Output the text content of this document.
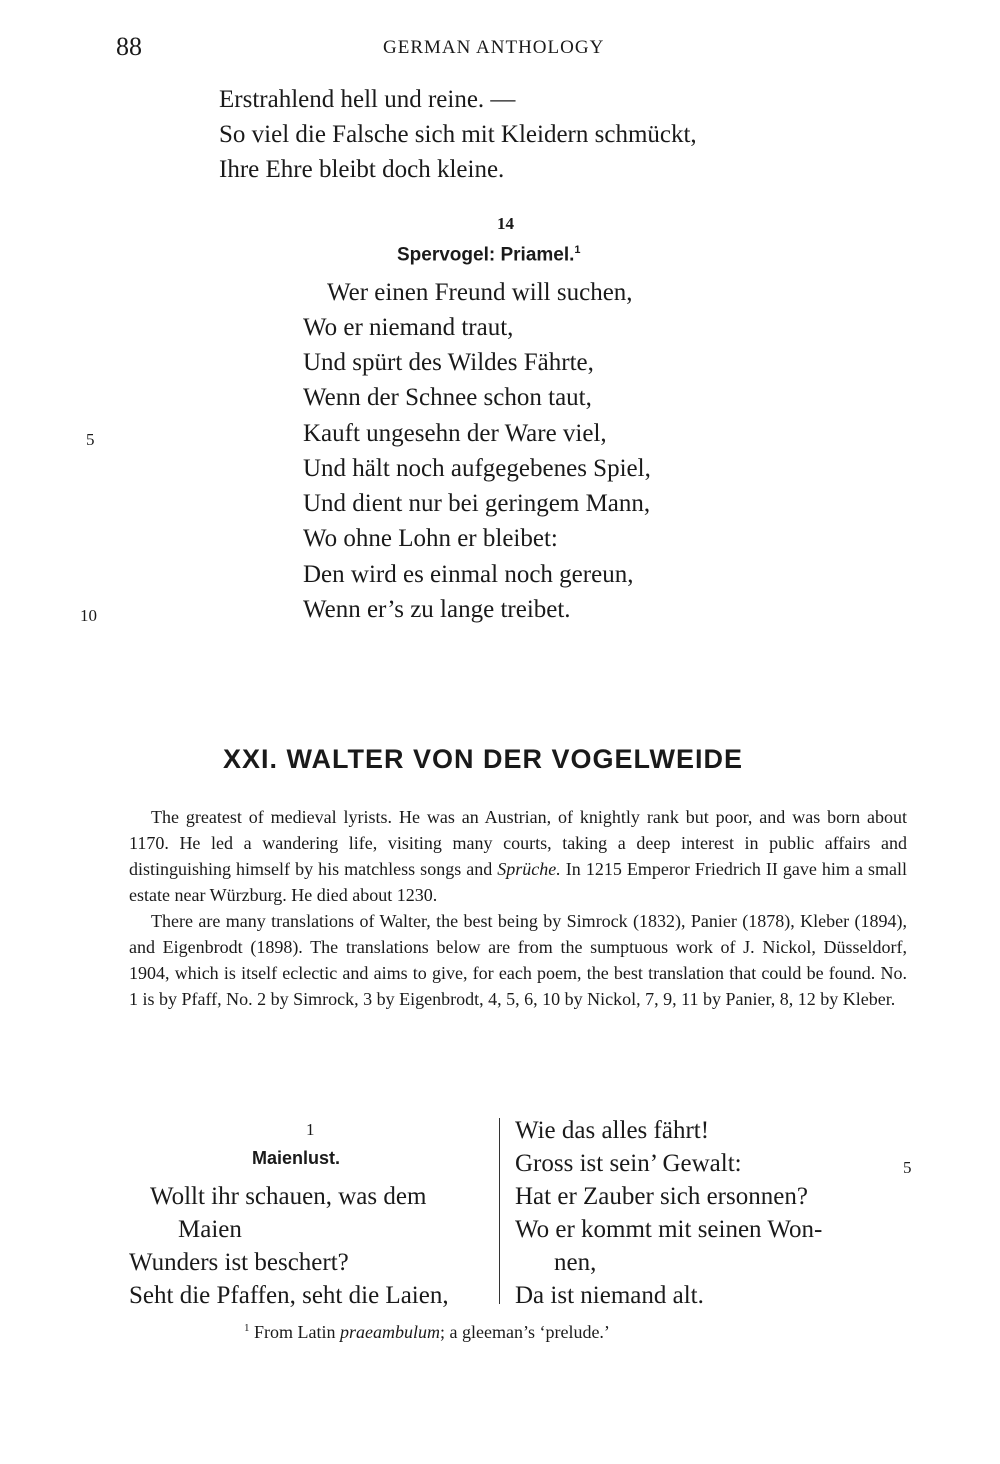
88	GERMAN ANTHOLOGY
Erstrahlend hell und reine. —
So viel die Falsche sich mit Kleidern schmückt,
Ihre Ehre bleibt doch kleine.
14
Spervogel: Priamel.$^1$
Wer einen Freund will suchen,
Wo er niemand traut,
Und spürt des Wildes Fährte,
Wenn der Schnee schon taut,
Kauft ungesehn der Ware viel,
Und hält noch aufgegebenes Spiel,
Und dient nur bei geringem Mann,
Wo ohne Lohn er bleibet:
Den wird es einmal noch gereun,
Wenn er’s zu lange treibet.
5
10
XXI. WALTER VON DER VOGELWEIDE

The greatest of medieval lyrists. He was an Austrian, of knightly rank but poor, and was born about 1170. He led a wandering life, visiting many courts, taking a deep interest in public affairs and distinguishing himself by his matchless songs and Sprüche. In 1215 Emperor Friedrich II gave him a small estate near Würzburg. He died about 1230.

There are many translations of Walter, the best being by Simrock (1832), Panier (1878), Kleber (1894), and Eigenbrodt (1898). The translations below are from the sumptuous work of J. Nickol, Düsseldorf, 1904, which is itself eclectic and aims to give, for each poem, the best translation that could be found. No. 1 is by Pfaff, No. 2 by Simrock, 3 by Eigenbrodt, 4, 5, 6, 10 by Nickol, 7, 9, 11 by Panier, 8, 12 by Kleber.

1
Maienlust.
Wollt ihr schauen, was dem
Maien
Wunders ist beschert?
Seht die Pfaffen, seht die Laien,
Wie das alles fährt!
Gross ist sein’ Gewalt:
Hat er Zauber sich ersonnen?
Wo er kommt mit seinen Won-
nen,
Da ist niemand alt.
5
$^1$ From Latin praeambulum; a gleeman’s ‘prelude.’
